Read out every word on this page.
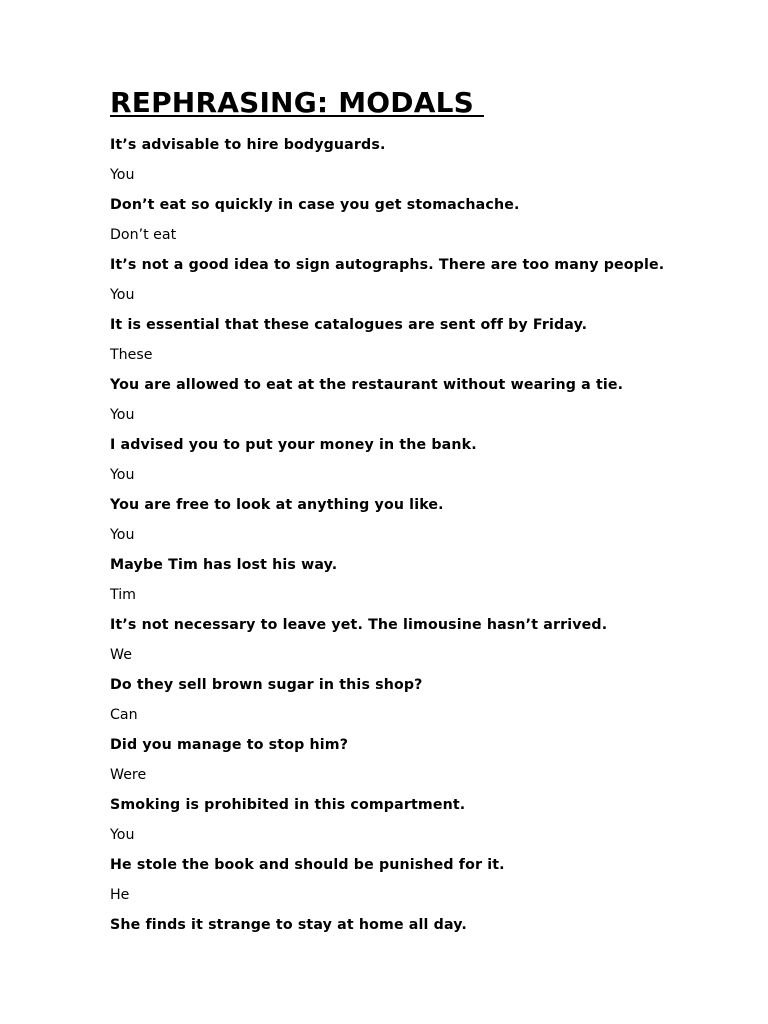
REPHRASING: MODALS
It’s advisable to hire bodyguards.
You
Don’t eat so quickly in case you get stomachache.
Don’t eat
It’s not a good idea to sign autographs. There are too many people.
You
It is essential that these catalogues are sent off by Friday.
These
You are allowed to eat at the restaurant without wearing a tie.
You
I advised you to put your money in the bank.
You
You are free to look at anything you like.
You
Maybe Tim has lost his way.
Tim
It’s not necessary to leave yet. The limousine hasn’t arrived.
We
Do they sell brown sugar in this shop?
Can
Did you manage to stop him?
Were
Smoking is prohibited in this compartment.
You
He stole the book and should be punished for it.
He
She finds it strange to stay at home all day.
